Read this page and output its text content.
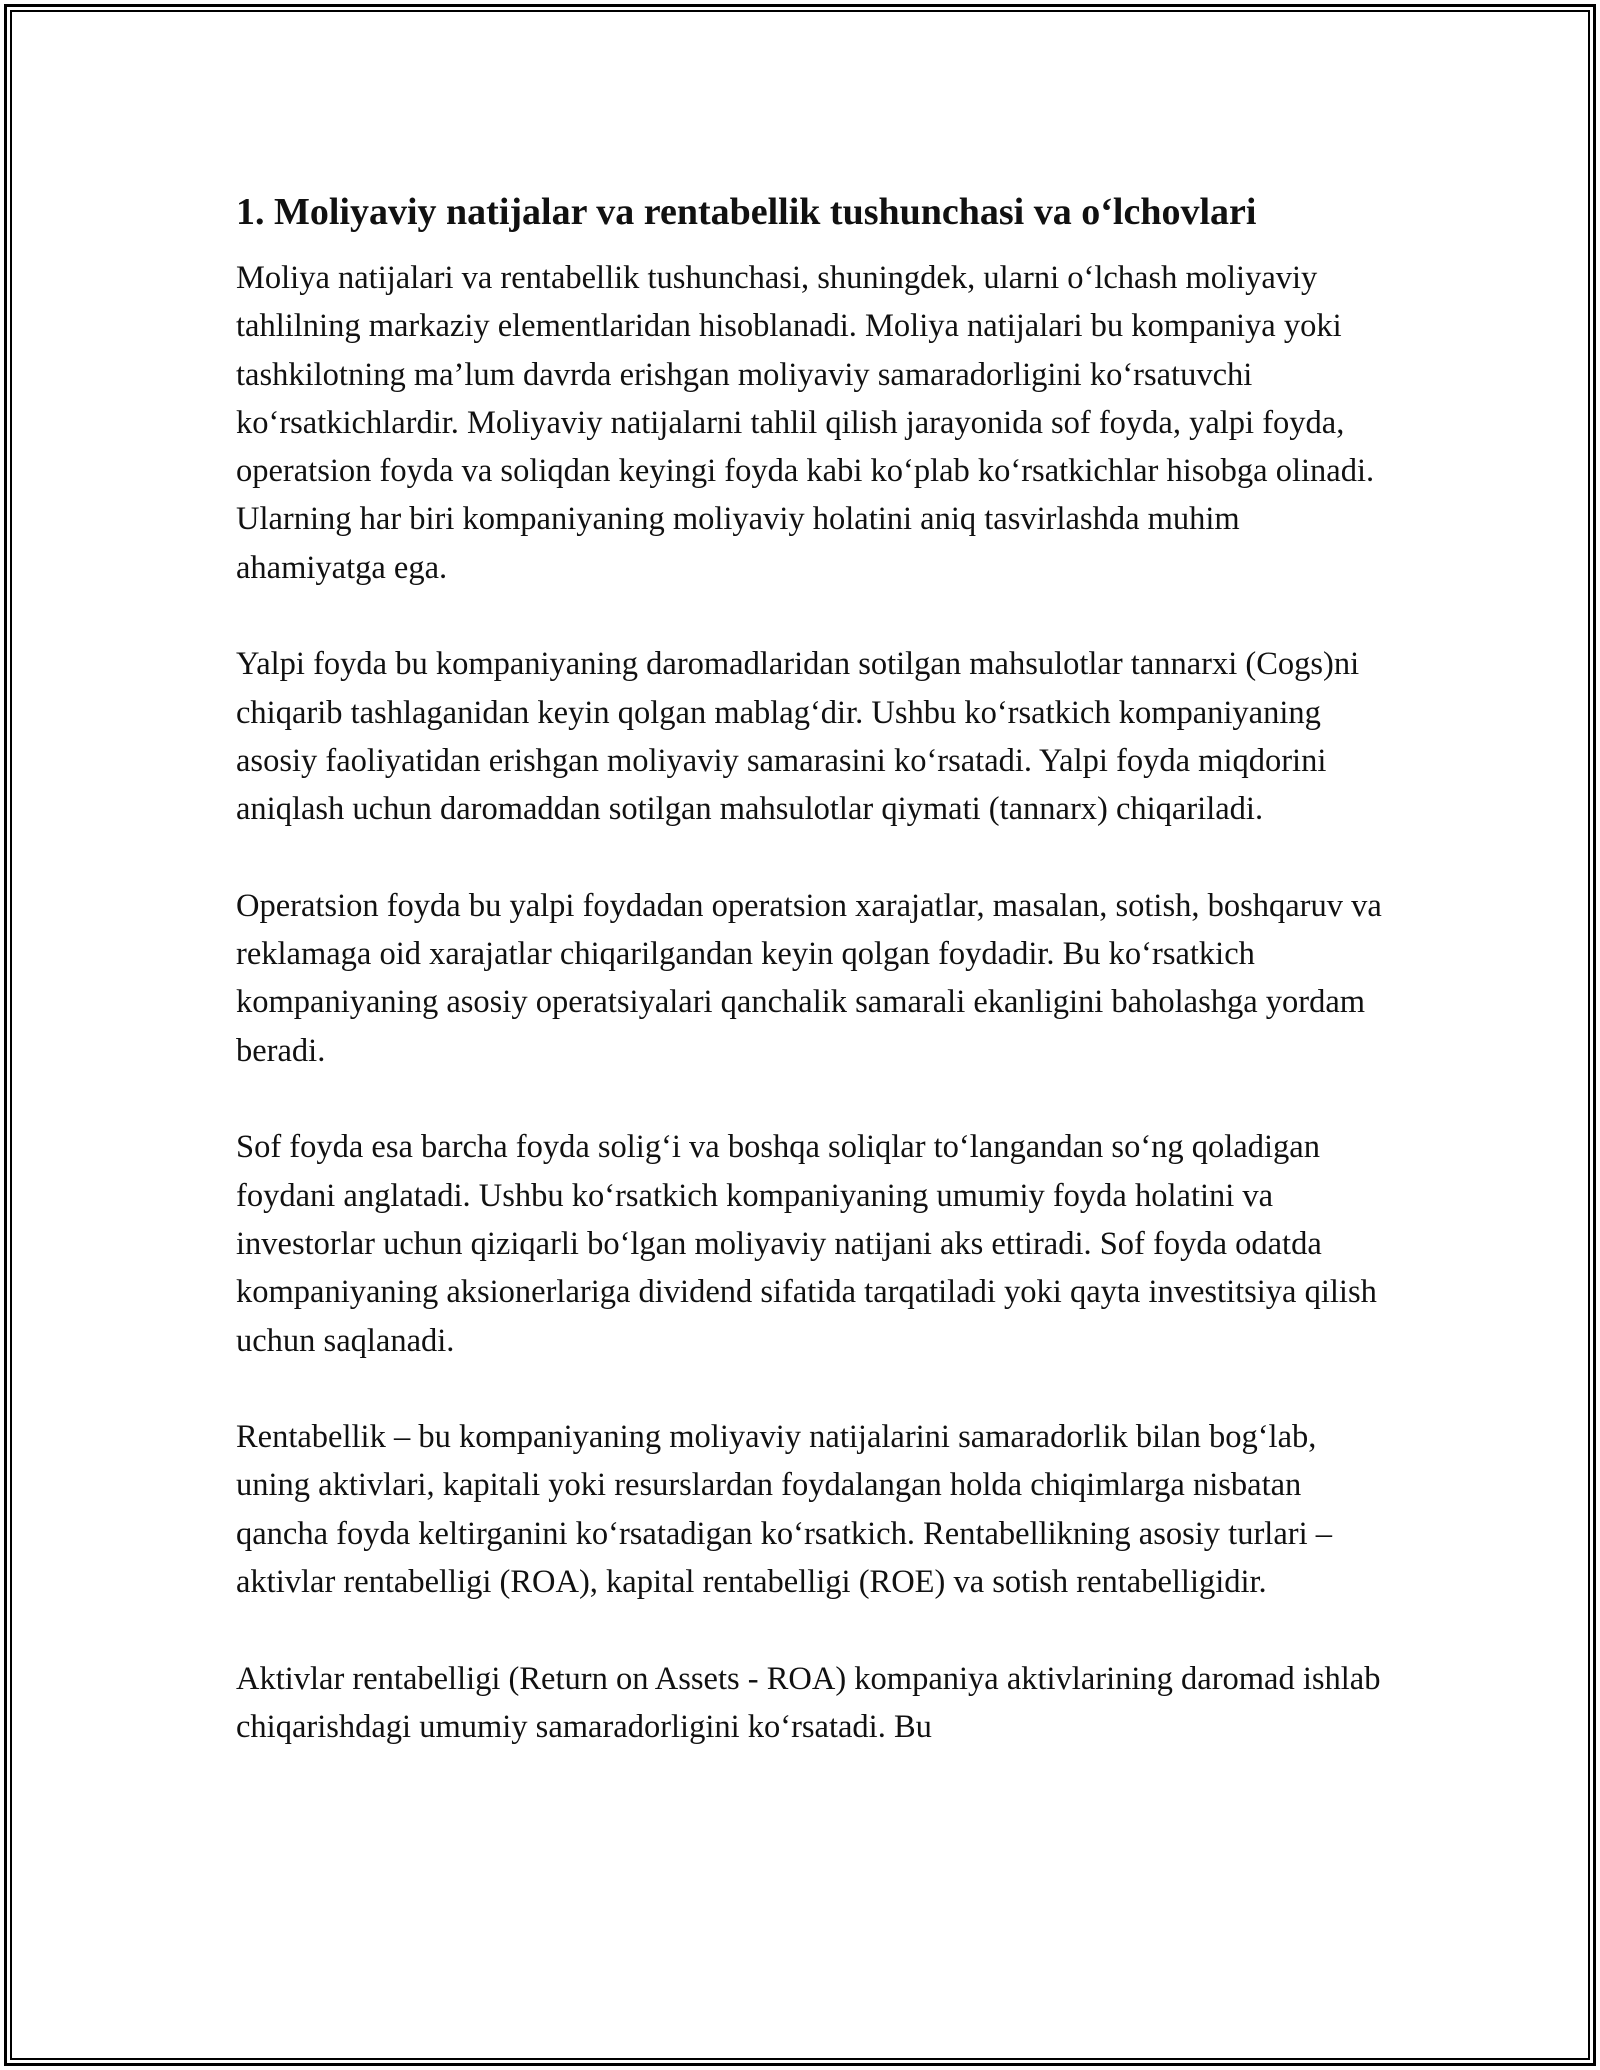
1. Moliyaviy natijalar va rentabellik tushunchasi va o‘lchovlari

Moliya natijalari va rentabellik tushunchasi, shuningdek, ularni o‘lchash moliyaviy tahlilning markaziy elementlaridan hisoblanadi. Moliya natijalari bu kompaniya yoki tashkilotning ma’lum davrda erishgan moliyaviy samaradorligini ko‘rsatuvchi ko‘rsatkichlardir. Moliyaviy natijalarni tahlil qilish jarayonida sof foyda, yalpi foyda, operatsion foyda va soliqdan keyingi foyda kabi ko‘plab ko‘rsatkichlar hisobga olinadi. Ularning har biri kompaniyaning moliyaviy holatini aniq tasvirlashda muhim ahamiyatga ega.

Yalpi foyda bu kompaniyaning daromadlaridan sotilgan mahsulotlar tannarxi (Cogs)ni chiqarib tashlaganidan keyin qolgan mablag‘dir. Ushbu ko‘rsatkich kompaniyaning asosiy faoliyatidan erishgan moliyaviy samarasini ko‘rsatadi. Yalpi foyda miqdorini aniqlash uchun daromaddan sotilgan mahsulotlar qiymati (tannarx) chiqariladi.

Operatsion foyda bu yalpi foydadan operatsion xarajatlar, masalan, sotish, boshqaruv va reklamaga oid xarajatlar chiqarilgandan keyin qolgan foydadir. Bu ko‘rsatkich kompaniyaning asosiy operatsiyalari qanchalik samarali ekanligini baholashga yordam beradi.

Sof foyda esa barcha foyda solig‘i va boshqa soliqlar to‘langandan so‘ng qoladigan foydani anglatadi. Ushbu ko‘rsatkich kompaniyaning umumiy foyda holatini va investorlar uchun qiziqarli bo‘lgan moliyaviy natijani aks ettiradi. Sof foyda odatda kompaniyaning aksionerlariga dividend sifatida tarqatiladi yoki qayta investitsiya qilish uchun saqlanadi.

Rentabellik – bu kompaniyaning moliyaviy natijalarini samaradorlik bilan bog‘lab, uning aktivlari, kapitali yoki resurslardan foydalangan holda chiqimlarga nisbatan qancha foyda keltirganini ko‘rsatadigan ko‘rsatkich. Rentabellikning asosiy turlari – aktivlar rentabelligi (ROA), kapital rentabelligi (ROE) va sotish rentabelligidir.

Aktivlar rentabelligi (Return on Assets - ROA) kompaniya aktivlarining daromad ishlab chiqarishdagi umumiy samaradorligini ko‘rsatadi. Bu
